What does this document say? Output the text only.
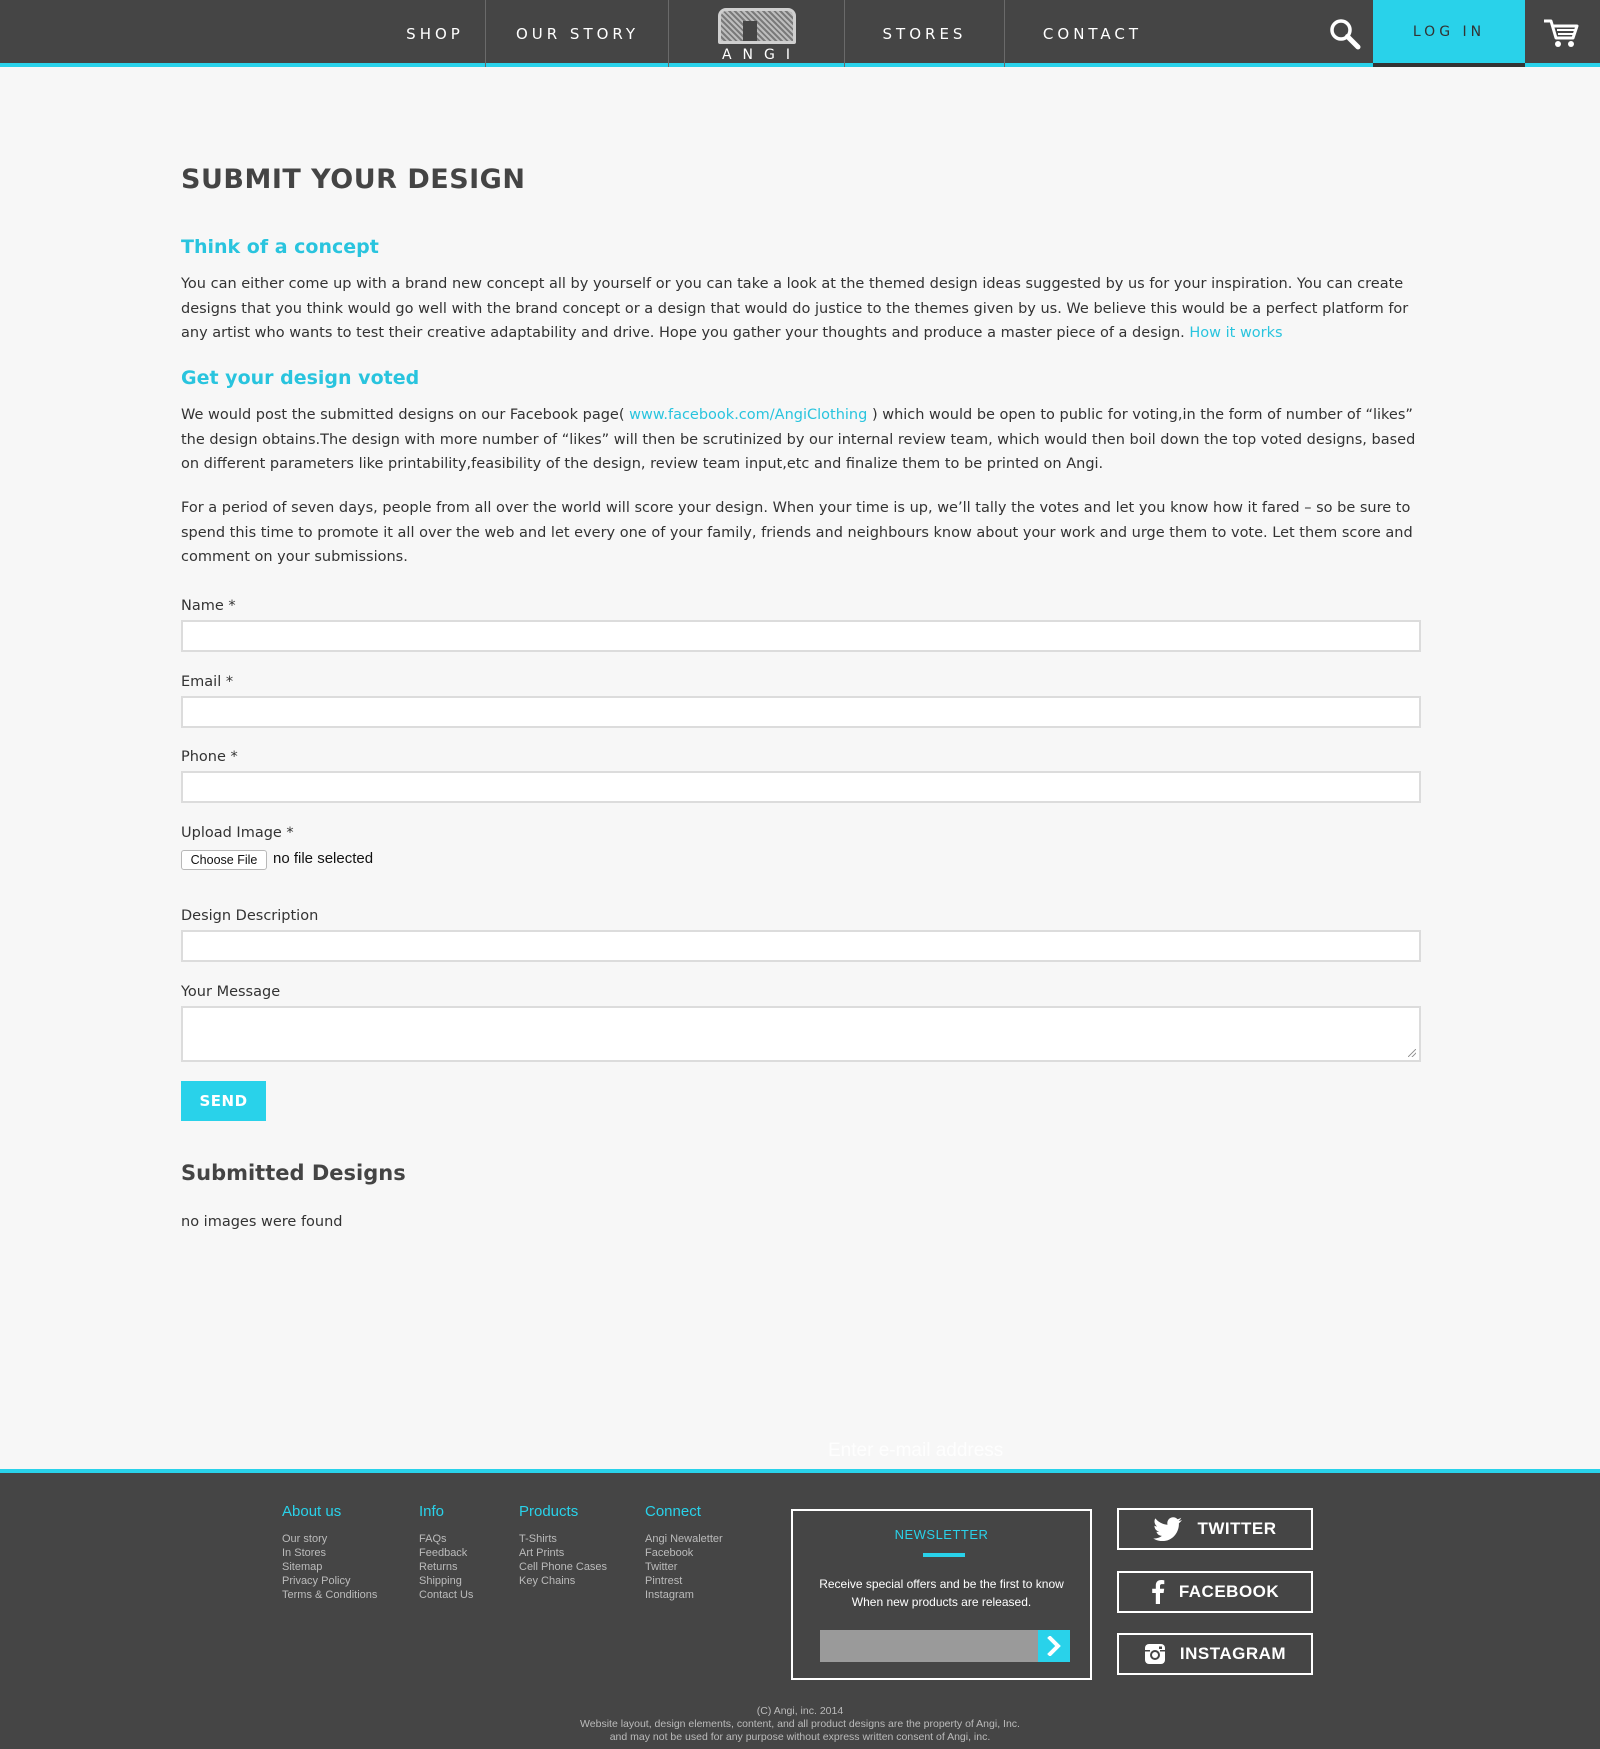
SHOP	OUR STORY
ANGI
STORES	CONTACT	LOG IN
SUBMIT YOUR DESIGN
Think of a concept

You can either come up with a brand new concept all by yourself or you can take a look at the themed design ideas suggested by us for your inspiration. You can create designs that you think would go well with the brand concept or a design that would do justice to the themes given by us. We believe this would be a perfect platform for any artist who wants to test their creative adaptability and drive. Hope you gather your thoughts and produce a master piece of a design. How it works

Get your design voted

We would post the submitted designs on our Facebook page( www.facebook.com/AngiClothing ) which would be open to public for voting,in the form of number of “likes” the design obtains.The design with more number of “likes” will then be scrutinized by our internal review team, which would then boil down the top voted designs, based on different parameters like printability,feasibility of the design, review team input,etc and finalize them to be printed on Angi.

For a period of seven days, people from all over the world will score your design. When your time is up, we’ll tally the votes and let you know how it fared – so be sure to spend this time to promote it all over the web and let every one of your family, friends and neighbours know about your work and urge them to vote. Let them score and comment on your submissions.

Name *
Email *
Phone *
Upload Image *
Choose File	no file selected
Design Description
Your Message
SEND
Submitted Designs

no images were found

Enter e-mail address
About us
Our story
In Stores
Sitemap
Privacy Policy
Terms & Conditions
Info
FAQs
Feedback
Returns
Shipping
Contact Us
Products
T-Shirts
Art Prints
Cell Phone Cases
Key Chains
Connect
Angi Newaletter
Facebook
Twitter
Pintrest
Instagram
NEWSLETTER
Receive special offers and be the first to know
When new products are released.
TWITTER
FACEBOOK
INSTAGRAM
(C) Angi, inc. 2014
Website layout, design elements, content, and all product designs are the property of Angi, Inc.
and may not be used for any purpose without express written consent of Angi, inc.
